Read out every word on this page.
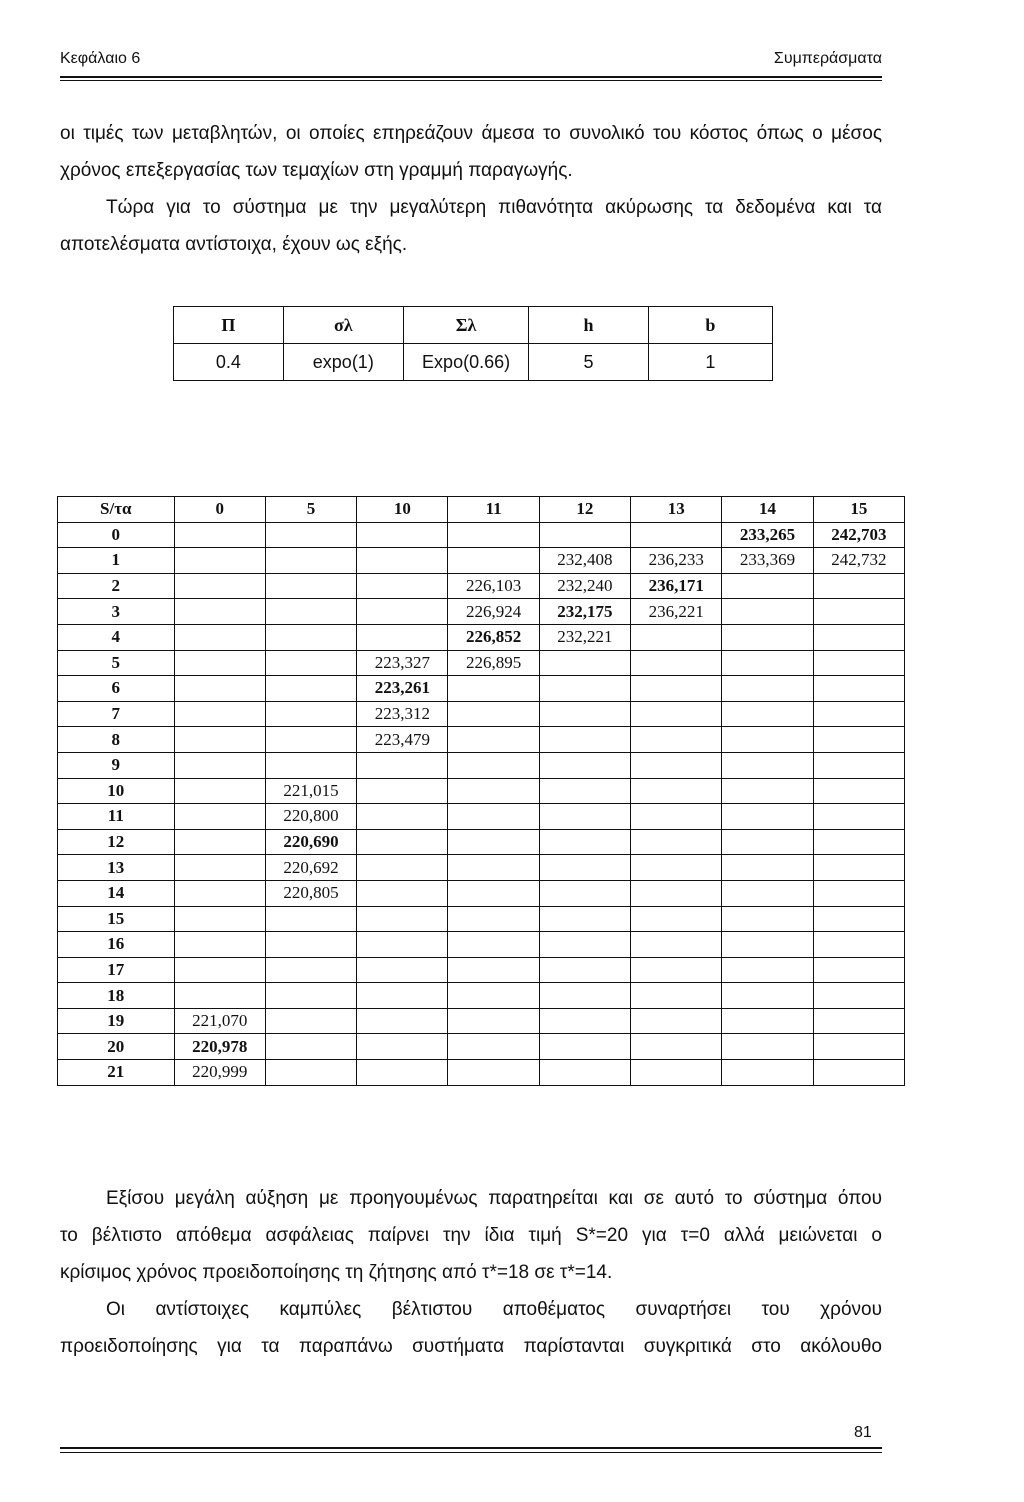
Κεφάλαιο 6	Συμπεράσματα
οι τιμές των μεταβλητών, οι οποίες επηρεάζουν άμεσα το συνολικό του κόστος όπως ο μέσος
χρόνος επεξεργασίας των τεμαχίων στη γραμμή παραγωγής.
Τώρα για το σύστημα με την μεγαλύτερη πιθανότητα ακύρωσης τα δεδομένα και τα
αποτελέσματα αντίστοιχα, έχουν ως εξής.
Π	σλ	Σλ	h	b
0.4	expo(1)	Expo(0.66)	5	1
S/τα	0	5	10	11	12	13	14	15
0							233,265	242,703
1					232,408	236,233	233,369	242,732
2				226,103	232,240	236,171		
3				226,924	232,175	236,221		
4				226,852	232,221			
5			223,327	226,895				
6			223,261					
7			223,312					
8			223,479					
9								
10		221,015						
11		220,800						
12		220,690						
13		220,692						
14		220,805						
15								
16								
17								
18								
19	221,070							
20	220,978							
21	220,999							
Εξίσου μεγάλη αύξηση με προηγουμένως παρατηρείται και σε αυτό το σύστημα όπου
το βέλτιστο απόθεμα ασφάλειας παίρνει την ίδια τιμή S*=20 για τ=0 αλλά μειώνεται ο
κρίσιμος χρόνος προειδοποίησης τη ζήτησης από τ*=18 σε τ*=14.
Οι αντίστοιχες καμπύλες βέλτιστου αποθέματος συναρτήσει του χρόνου
προειδοποίησης για τα παραπάνω συστήματα παρίστανται συγκριτικά στο ακόλουθο
81
